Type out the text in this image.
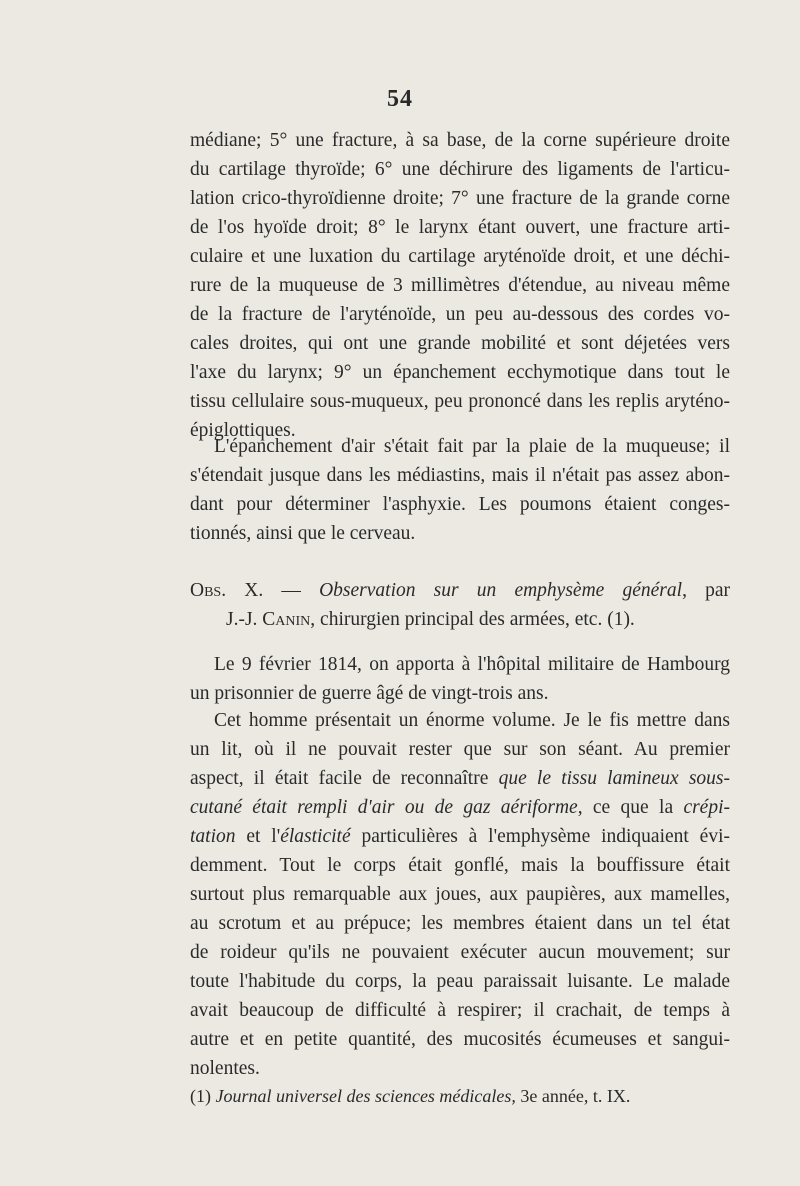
54
médiane; 5° une fracture, à sa base, de la corne supérieure droite
du cartilage thyroïde; 6° une déchirure des ligaments de l'articu-
lation crico-thyroïdienne droite; 7° une fracture de la grande corne
de l'os hyoïde droit; 8° le larynx étant ouvert, une fracture arti-
culaire et une luxation du cartilage aryténoïde droit, et une déchi-
rure de la muqueuse de 3 millimètres d'étendue, au niveau même
de la fracture de l'aryténoïde, un peu au-dessous des cordes vo-
cales droites, qui ont une grande mobilité et sont déjetées vers
l'axe du larynx; 9° un épanchement ecchymotique dans tout le
tissu cellulaire sous-muqueux, peu prononcé dans les replis aryténo-
épiglottiques.
L'épanchement d'air s'était fait par la plaie de la muqueuse; il
s'étendait jusque dans les médiastins, mais il n'était pas assez abon-
dant pour déterminer l'asphyxie. Les poumons étaient conges-
tionnés, ainsi que le cerveau.
Obs. X. — Observation sur un emphysème général, par
J.-J. Canin, chirurgien principal des armées, etc. (1).
Le 9 février 1814, on apporta à l'hôpital militaire de Hambourg
un prisonnier de guerre âgé de vingt-trois ans.
Cet homme présentait un énorme volume. Je le fis mettre dans
un lit, où il ne pouvait rester que sur son séant. Au premier
aspect, il était facile de reconnaître que le tissu lamineux sous-
cutané était rempli d'air ou de gaz aériforme, ce que la crépi-
tation et l'élasticité particulières à l'emphysème indiquaient évi-
demment. Tout le corps était gonflé, mais la bouffissure était
surtout plus remarquable aux joues, aux paupières, aux mamelles,
au scrotum et au prépuce; les membres étaient dans un tel état
de roideur qu'ils ne pouvaient exécuter aucun mouvement; sur
toute l'habitude du corps, la peau paraissait luisante. Le malade
avait beaucoup de difficulté à respirer; il crachait, de temps à
autre et en petite quantité, des mucosités écumeuses et sangui-
nolentes.
(1) Journal universel des sciences médicales, 3e année, t. IX.
